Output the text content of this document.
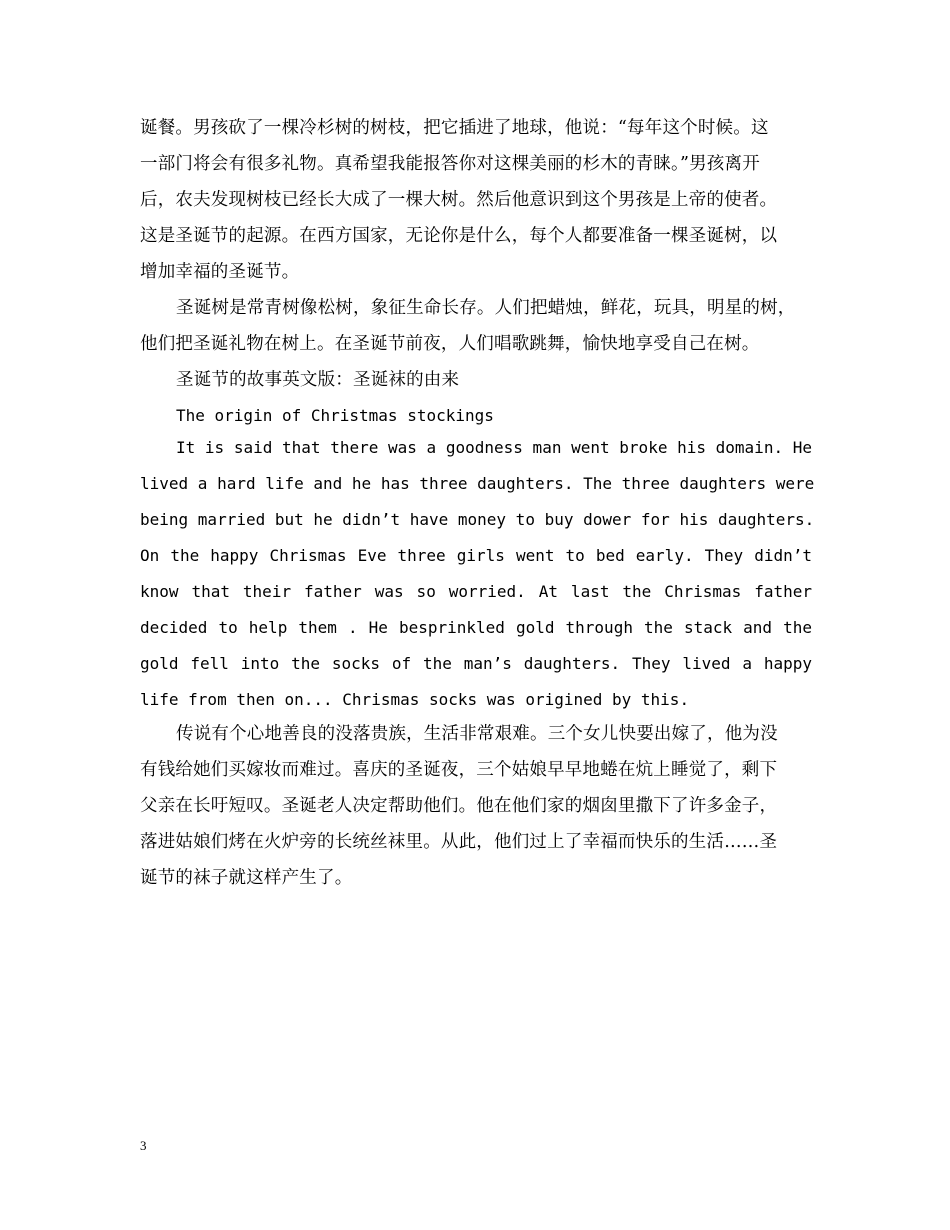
诞餐。男孩砍了一棵冷杉树的树枝，把它插进了地球，他说：“每年这个时候。这
一部门将会有很多礼物。真希望我能报答你对这棵美丽的杉木的青睐。”男孩离开
后，农夫发现树枝已经长大成了一棵大树。然后他意识到这个男孩是上帝的使者。
这是圣诞节的起源。在西方国家，无论你是什么，每个人都要准备一棵圣诞树，以
增加幸福的圣诞节。
圣诞树是常青树像松树，象征生命长存。人们把蜡烛，鲜花，玩具，明星的树，
他们把圣诞礼物在树上。在圣诞节前夜，人们唱歌跳舞，愉快地享受自己在树。
圣诞节的故事英文版：圣诞袜的由来
The origin of Christmas stockings
It is said that there was a goodness man went broke his domain. He
lived a hard life and he has three daughters. The three daughters were
being married but he didn’t have money to buy dower for his daughters.
On the happy Chrismas Eve three girls went to bed early. They didn’t
know that their father was so worried. At last the Chrismas father
decided to help them . He besprinkled gold through the stack and the
gold fell into the socks of the man’s daughters. They lived a happy
life from then on... Chrismas socks was origined by this.
传说有个心地善良的没落贵族，生活非常艰难。三个女儿快要出嫁了，他为没
有钱给她们买嫁妆而难过。喜庆的圣诞夜，三个姑娘早早地蜷在炕上睡觉了，剩下
父亲在长吁短叹。圣诞老人决定帮助他们。他在他们家的烟囱里撒下了许多金子，
落进姑娘们烤在火炉旁的长统丝袜里。从此，他们过上了幸福而快乐的生活……圣
诞节的袜子就这样产生了。
3
